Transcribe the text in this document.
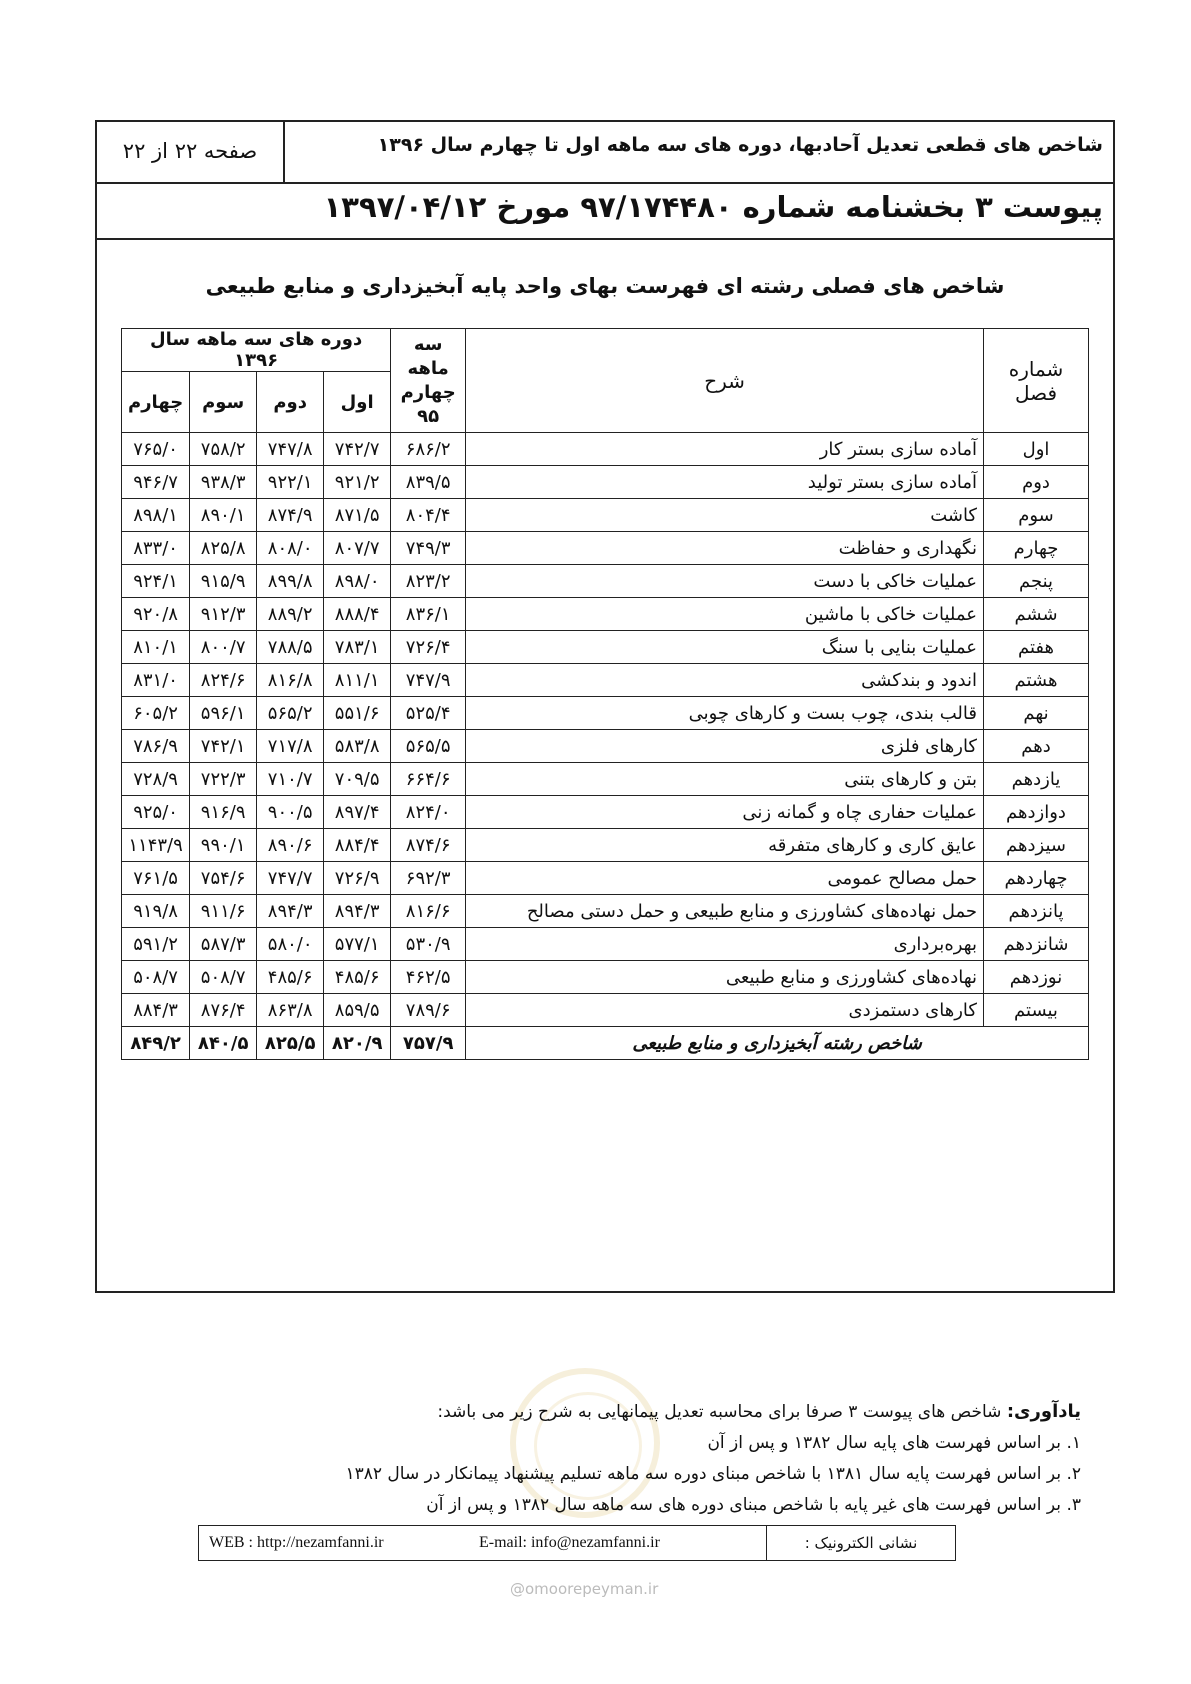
شاخص های قطعی تعدیل آحادبها، دوره های سه ماهه اول تا چهارم سال ۱۳۹۶
صفحه ۲۲ از ۲۲
پیوست ۳ بخشنامه شماره ۹۷/۱۷۴۴۸۰ مورخ ۱۳۹۷/۰۴/۱۲
شاخص های فصلی رشته ای فهرست بهای واحد پایه آبخیزداری و منابع طبیعی
شماره فصل	شرح	سه ماهه چهارم ۹۵	دوره های سه ماهه سال ۱۳۹۶			
			اول	دوم	سوم	چهارم
اول	آماده سازی بستر کار	۶۸۶/۲	۷۴۲/۷	۷۴۷/۸	۷۵۸/۲	۷۶۵/۰
دوم	آماده سازی بستر تولید	۸۳۹/۵	۹۲۱/۲	۹۲۲/۱	۹۳۸/۳	۹۴۶/۷
سوم	کاشت	۸۰۴/۴	۸۷۱/۵	۸۷۴/۹	۸۹۰/۱	۸۹۸/۱
چهارم	نگهداری و حفاظت	۷۴۹/۳	۸۰۷/۷	۸۰۸/۰	۸۲۵/۸	۸۳۳/۰
پنجم	عملیات خاکی با دست	۸۲۳/۲	۸۹۸/۰	۸۹۹/۸	۹۱۵/۹	۹۲۴/۱
ششم	عملیات خاکی با ماشین	۸۳۶/۱	۸۸۸/۴	۸۸۹/۲	۹۱۲/۳	۹۲۰/۸
هفتم	عملیات بنایی با سنگ	۷۲۶/۴	۷۸۳/۱	۷۸۸/۵	۸۰۰/۷	۸۱۰/۱
هشتم	اندود و بندکشی	۷۴۷/۹	۸۱۱/۱	۸۱۶/۸	۸۲۴/۶	۸۳۱/۰
نهم	قالب بندی، چوب بست و کارهای چوبی	۵۲۵/۴	۵۵۱/۶	۵۶۵/۲	۵۹۶/۱	۶۰۵/۲
دهم	کارهای فلزی	۵۶۵/۵	۵۸۳/۸	۷۱۷/۸	۷۴۲/۱	۷۸۶/۹
یازدهم	بتن و کارهای بتنی	۶۶۴/۶	۷۰۹/۵	۷۱۰/۷	۷۲۲/۳	۷۲۸/۹
دوازدهم	عملیات حفاری چاه و گمانه زنی	۸۲۴/۰	۸۹۷/۴	۹۰۰/۵	۹۱۶/۹	۹۲۵/۰
سیزدهم	عایق کاری و کارهای متفرقه	۸۷۴/۶	۸۸۴/۴	۸۹۰/۶	۹۹۰/۱	۱۱۴۳/۹
چهاردهم	حمل مصالح عمومی	۶۹۲/۳	۷۲۶/۹	۷۴۷/۷	۷۵۴/۶	۷۶۱/۵
پانزدهم	حمل نهاده‌های کشاورزی و منابع طبیعی و حمل دستی مصالح	۸۱۶/۶	۸۹۴/۳	۸۹۴/۳	۹۱۱/۶	۹۱۹/۸
شانزدهم	بهره‌برداری	۵۳۰/۹	۵۷۷/۱	۵۸۰/۰	۵۸۷/۳	۵۹۱/۲
نوزدهم	نهاده‌های کشاورزی و منابع طبیعی	۴۶۲/۵	۴۸۵/۶	۴۸۵/۶	۵۰۸/۷	۵۰۸/۷
بیستم	کارهای دستمزدی	۷۸۹/۶	۸۵۹/۵	۸۶۳/۸	۸۷۶/۴	۸۸۴/۳
شاخص رشته آبخیزداری و منابع طبیعی		۷۵۷/۹	۸۲۰/۹	۸۲۵/۵	۸۴۰/۵	۸۴۹/۲
یادآوری: شاخص های پیوست ۳ صرفا برای محاسبه تعدیل پیمانهایی به شرح زیر می باشد:
۱. بر اساس فهرست های پایه سال ۱۳۸۲ و پس از آن
۲. بر اساس فهرست پایه سال ۱۳۸۱ با شاخص مبنای دوره سه ماهه تسلیم پیشنهاد پیمانکار در سال ۱۳۸۲
۳. بر اساس فهرست های غیر پایه با شاخص مبنای دوره های سه ماهه سال ۱۳۸۲ و پس از آن
نشانی الکترونیک :
E-mail: info@nezamfanni.ir
WEB : http://nezamfanni.ir
@omoorepeyman.ir
